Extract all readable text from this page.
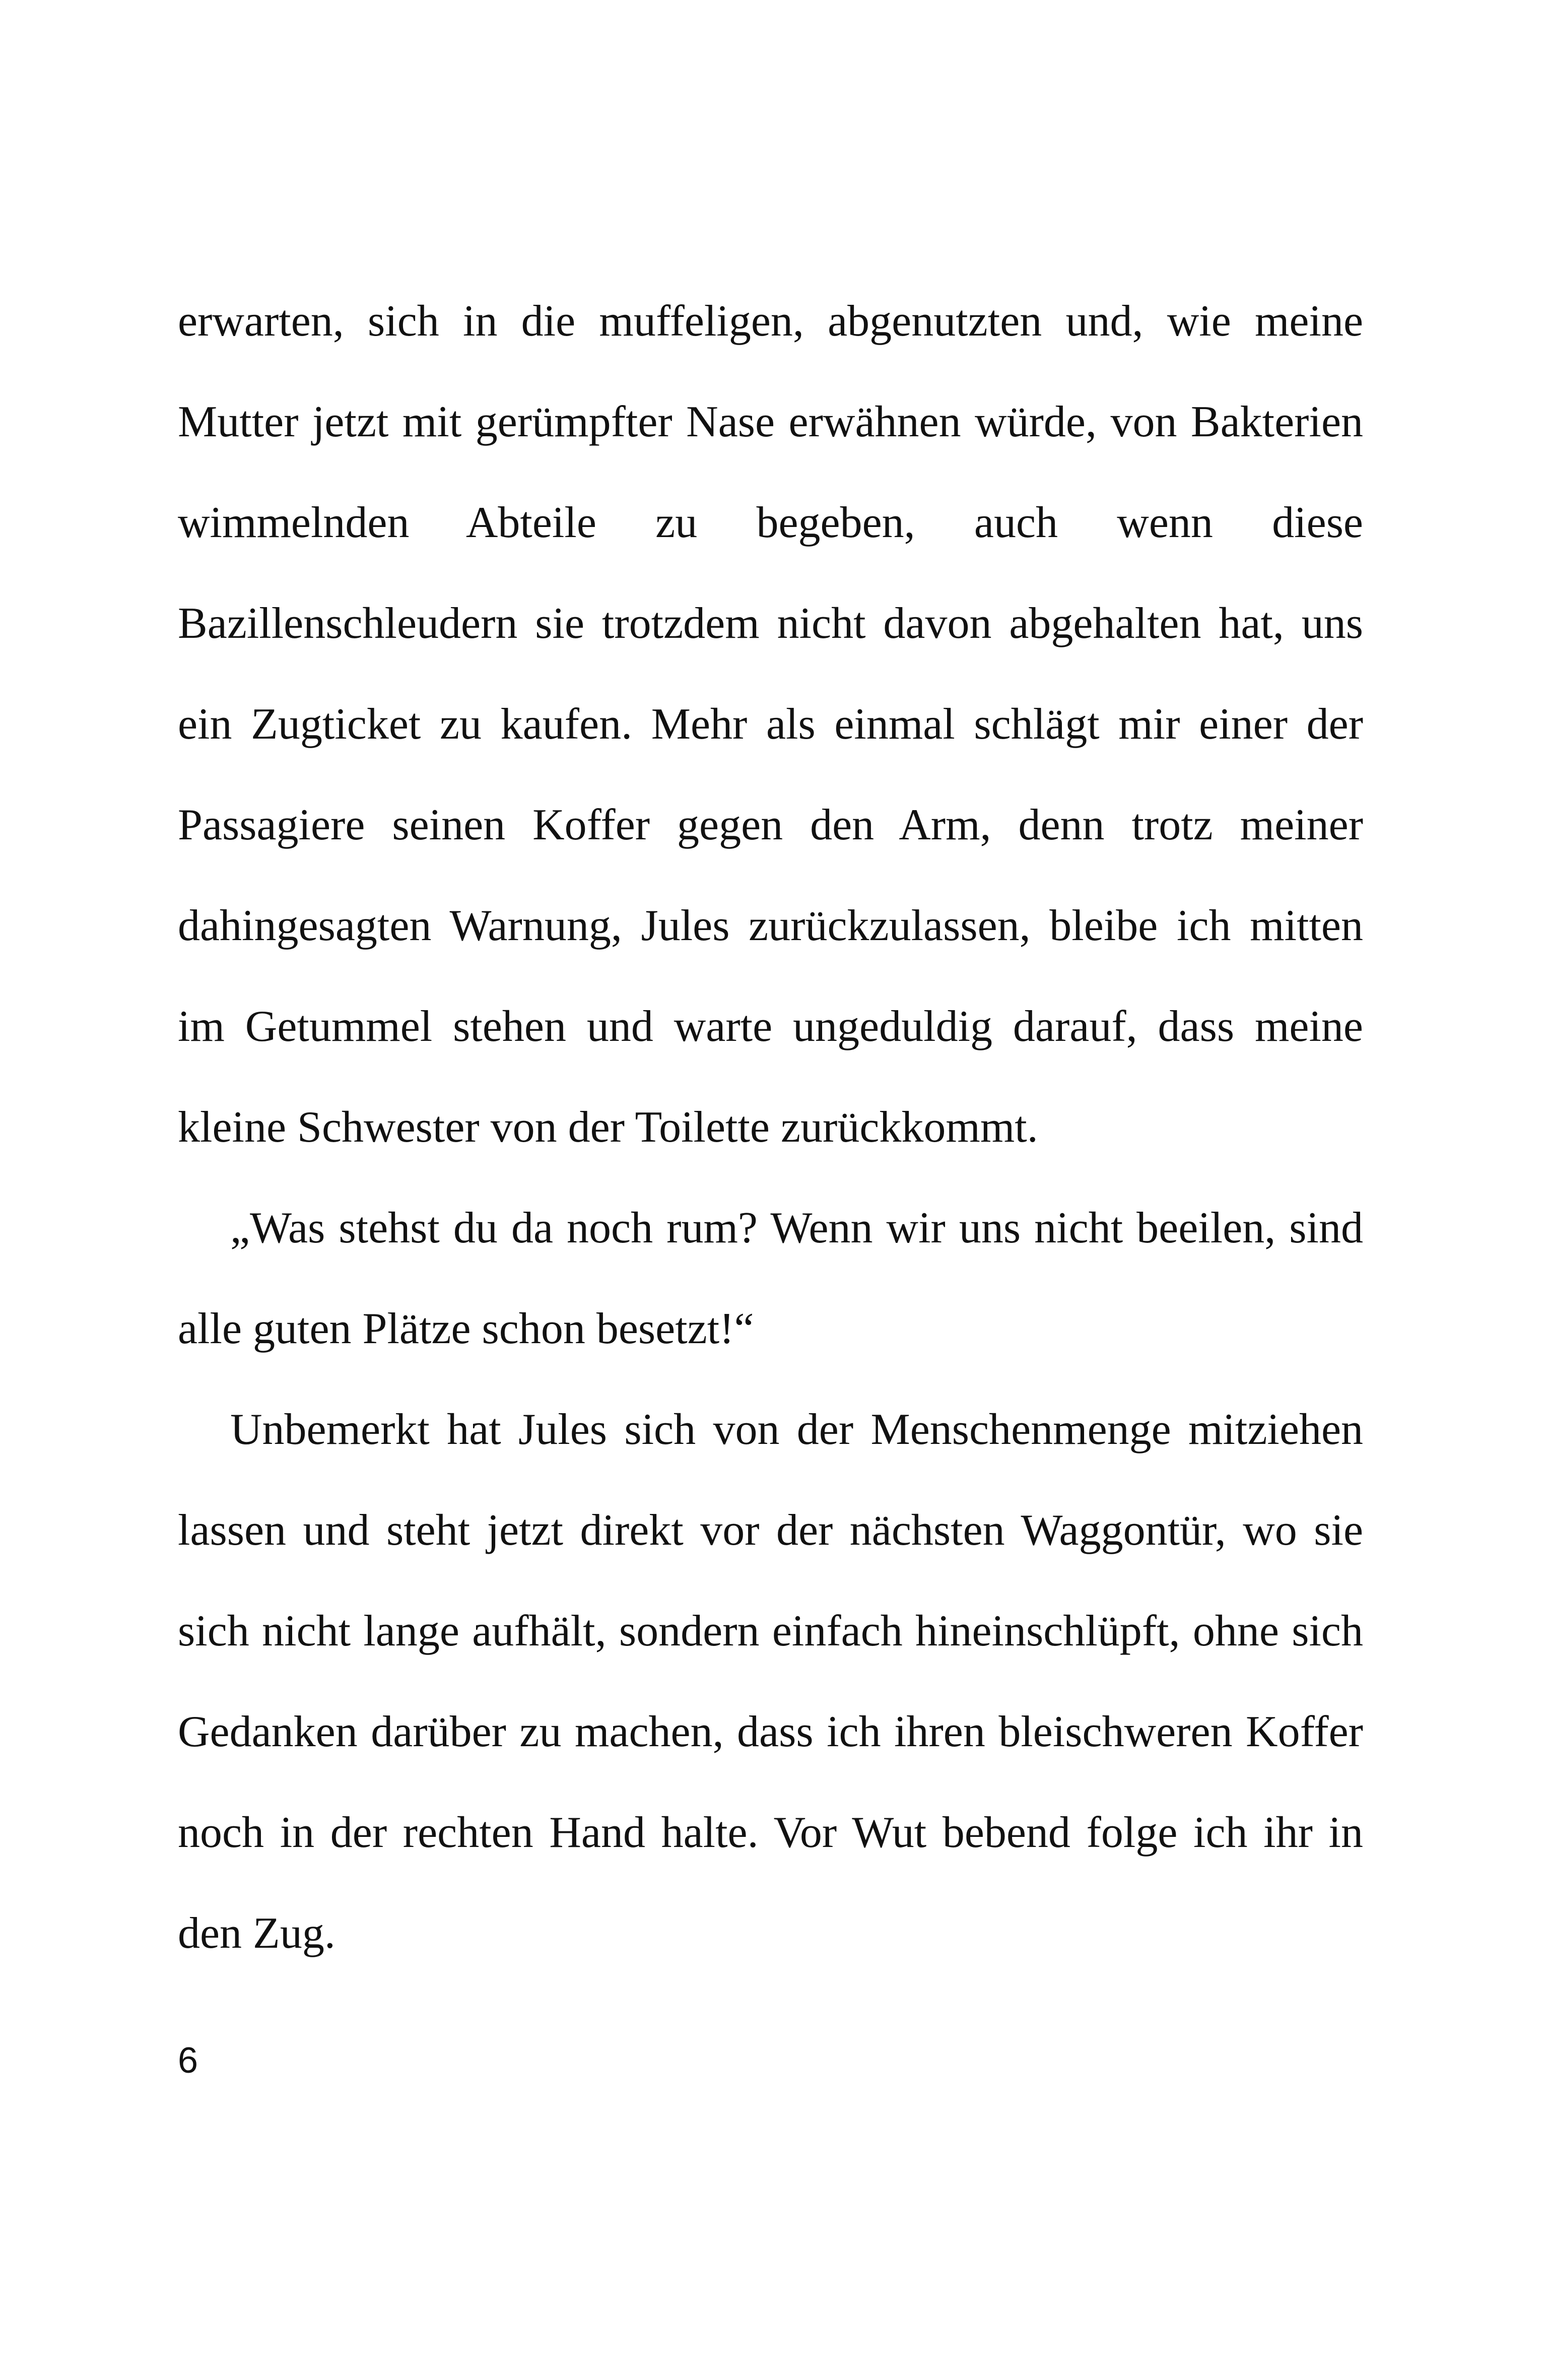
erwarten, sich in die muffeligen, abgenutzten und, wie meine Mutter jetzt mit gerümpfter Nase erwähnen würde, von Bakterien wimmelnden Abteile zu begeben, auch wenn diese Bazillenschleudern sie trotzdem nicht davon abgehalten hat, uns ein Zugticket zu kaufen. Mehr als einmal schlägt mir einer der Passagiere seinen Koffer gegen den Arm, denn trotz meiner dahingesagten Warnung, Jules zurückzulassen, bleibe ich mitten im Getummel stehen und warte ungeduldig darauf, dass meine kleine Schwester von der Toilette zurückkommt.

„Was stehst du da noch rum? Wenn wir uns nicht beeilen, sind alle guten Plätze schon besetzt!“

Unbemerkt hat Jules sich von der Menschenmenge mitziehen lassen und steht jetzt direkt vor der nächsten Waggontür, wo sie sich nicht lange aufhält, sondern einfach hineinschlüpft, ohne sich Gedanken darüber zu machen, dass ich ihren bleischweren Koffer noch in der rechten Hand halte. Vor Wut bebend folge ich ihr in den Zug.

6
